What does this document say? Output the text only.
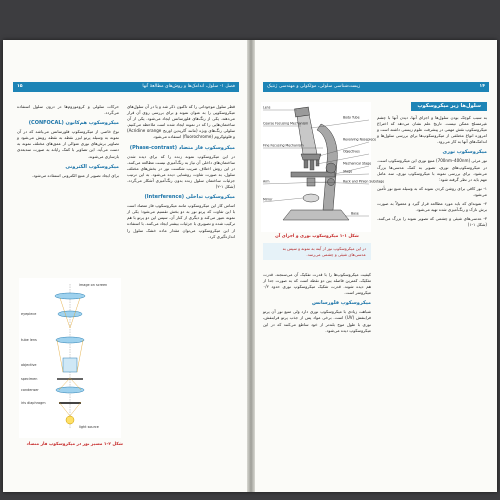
۱۵	فصل ۱- سلول، اندامک‌ها و روش‌های مطالعهٔ آنها

قطر سلول موجوداتی را که تاکنون ذکر شد و یا در آن سلول‌های میکروسکوپی را به عنوان نمونه و برای بررسی روی آن قرار می‌دهند. یکی از رنگ‌های فلورسانس ایجاد می‌شود. یکی از آن ساختمان‌هایی را که در نمونه ایجاد شده است ملاحظه می‌کنیم. سلولی رنگ‌های ویژه (مانند آکریدین اورنج Acridine orange) و فلوئوکروم (fluorochrome) استفاده می‌شود.

میکروسکوپ فاز متضاد (Phase-contrast)

در این میکروسکوپ نمونه زنده را که برای دیده شدن ساختمان‌های داخلی آن نیاز به رنگ‌آمیزی نیست مطالعه می‌کنند. در این روش اختلاف ضریب شکست نور در بخش‌های مختلف سلول، به صورت تفاوت روشنایی دیده می‌شود. به این ترتیب جزئیات ساختمان سلول زنده بدون رنگ‌آمیزی آشکار می‌گردد. (شکل ۱-۲)

میکروسکوپ تداخلی (Interference)

اساس کار این میکروسکوپ مانند میکروسکوپ فاز متضاد است با این تفاوت که پرتو نور به دو بخش تقسیم می‌شود؛ یکی از نمونه عبور می‌کند و دیگری از کنار آن. سپس این دو پرتو با هم ترکیب شده و تصویری با جزئیات بیشتر ایجاد می‌کنند. با استفاده از این میکروسکوپ می‌توان مقدار ماده خشک سلول را اندازه‌گیری کرد.

حرکات سلولی و کروموزوم‌ها در درون سلول استفاده می‌گردد.

میکروسکوپ هم‌کانون (CONFOCAL)

نوع خاصی از میکروسکوپ فلورسانس می‌باشد که در آن نمونه به وسیله پرتو لیزر نقطه به نقطه روبش می‌شود و تصاویر برش‌های نوری متوالی از عمق‌های مختلف نمونه به دست می‌آید. این تصاویر با کمک رایانه به صورت سه‌بعدی بازسازی می‌شوند.

میکروسکوپ الکترونی

برای ایجاد تصویر از منبع الکترونی استفاده می‌شود.

image on screen
eyepiece
tube lens
objective
specimen
condenser
iris diaphragm
light source
شکل ۲-۱ مسیر نور در میکروسکوپ فاز متضاد
زیست‌شناسی سلولی، مولکولی و مهندسی ژنتیک	۱۴
سلول‌ها زیر میکروسکوپ

به سبب کوچک بودن سلول‌ها و اجزای آنها، دیدن آنها با چشم غیرمسلح ممکن نیست. تاریخ علم نشان می‌دهد که اختراع میکروسکوپ نقش مهمی در پیشرفت علوم زیستی داشته است و امروزه انواع مختلفی از میکروسکوپ‌ها برای بررسی سلول‌ها و اندامک‌های آنها به کار می‌رود.

میکروسکوپ نوری

نور مرئی (700nm–400nm) منبع نوری این میکروسکوپ است. در میکروسکوپ‌های نوری، تصویر به کمک عدسی‌ها بزرگ می‌شود. برای بررسی نمونه با میکروسکوپ نوری، سه عامل مهم باید در نظر گرفته شود:

۱- نور کافی برای روشن کردن نمونه که به وسیله منبع نور تأمین می‌شود.

۲- نمونه‌ای که باید مورد مطالعه قرار گیرد و معمولاً به صورت برش نازک و رنگ‌آمیزی شده تهیه می‌شود.

۳- عدسی‌های شیئی و چشمی که تصویر نمونه را بزرگ می‌کنند. (شکل ۱-۱)

Lens
Coarse Focusing Mechanism
Fine Focusing Mechanism
Arm
Body Tube
Revolving Nosepiece
Objectives
Mechanical Stage
Stage
Rack and Pinion Substage
Mirror
Base
شکل ۱-۱ میکروسکوپ نوری و اجزای آن
در این میکروسکوپ نور از آینه به نمونه و سپس به عدسی‌های شیئی و چشمی می‌رسد.

کیفیت میکروسکوپ‌ها را با قدرت تفکیک آن می‌سنجند. قدرت تفکیک، کمترین فاصله بین دو نقطه است که به صورت جدا از هم دیده شوند. قدرت تفکیک میکروسکوپ نوری حدود ۰/۲ میکرومتر است.

میکروسکوپ فلورسانس

شباهت زیادی با میکروسکوپ نوری دارد ولی منبع نور آن پرتو فرابنفش (UV) است. برخی مواد پس از جذب پرتو فرابنفش، نوری با طول موج بلندتر از خود ساطع می‌کنند که در این میکروسکوپ دیده می‌شود.
